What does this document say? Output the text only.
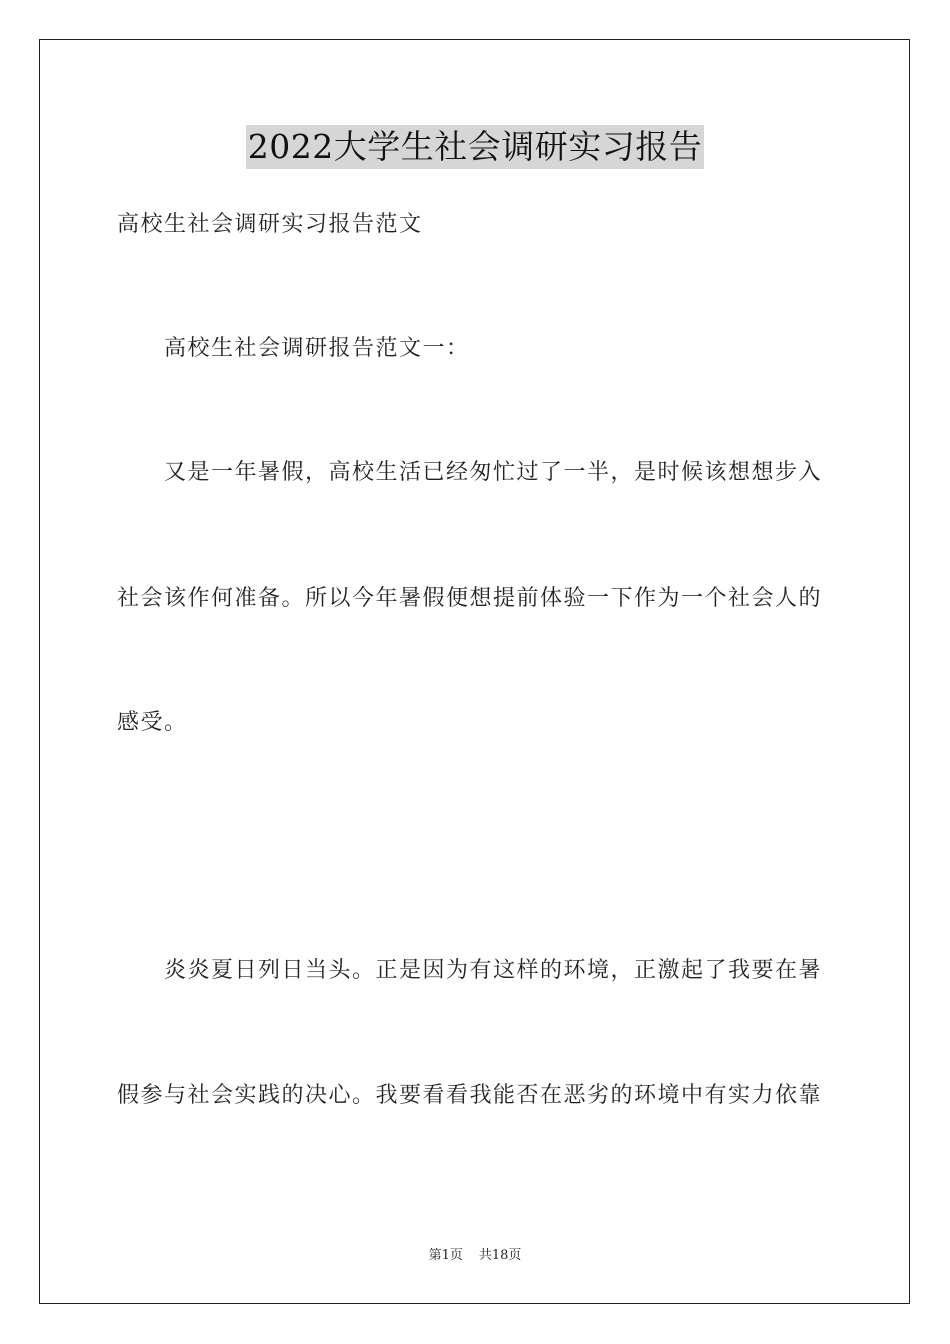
2022大学生社会调研实习报告
高校生社会调研实习报告范文
高校生社会调研报告范文一：
又是一年暑假，高校生活已经匆忙过了一半，是时候该想想步入
社会该作何准备。所以今年暑假便想提前体验一下作为一个社会人的
感受。
炎炎夏日列日当头。正是因为有这样的环境，正激起了我要在暑
假参与社会实践的决心。我要看看我能否在恶劣的环境中有实力依靠
第1页 共18页
